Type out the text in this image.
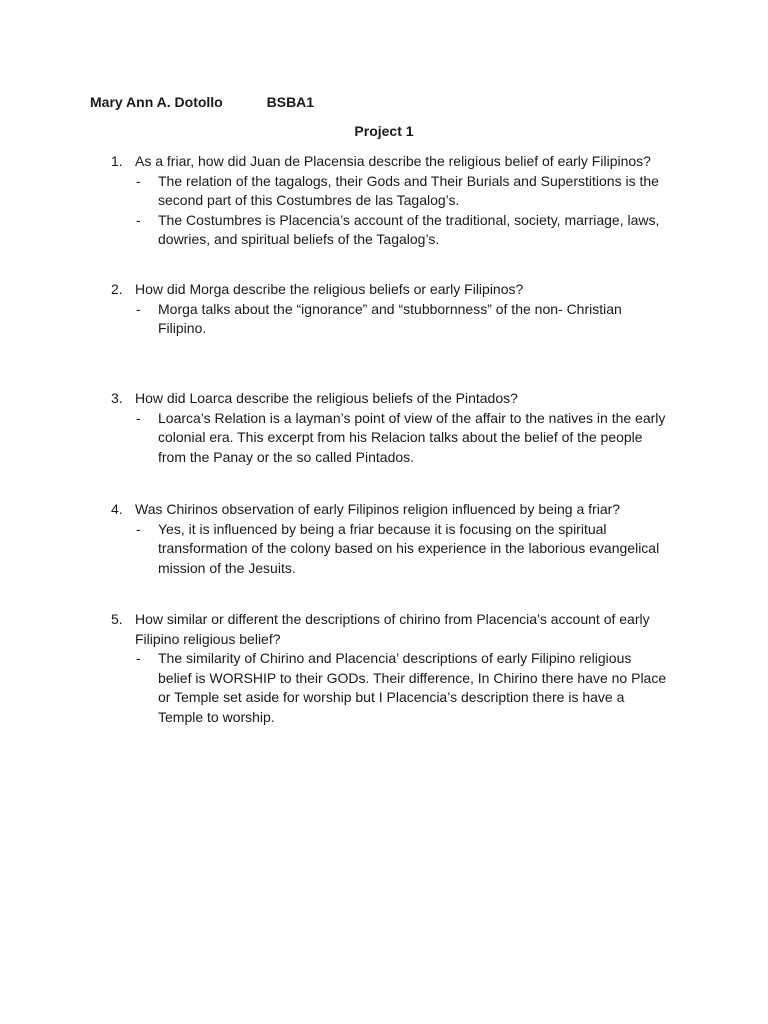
Mary Ann A. Dotollo	BSBA1
Project 1
1. As a friar, how did Juan de Placensia describe the religious belief of early Filipinos?
- The relation of the tagalogs, their Gods and Their Burials and Superstitions is the second part of this Costumbres de las Tagalog’s.
- The Costumbres is Placencia’s account of the traditional, society, marriage, laws, dowries, and spiritual beliefs of the Tagalog’s.
2. How did Morga describe the religious beliefs or early Filipinos?
- Morga talks about the “ignorance” and “stubbornness” of the non- Christian Filipino.
3. How did Loarca describe the religious beliefs of the Pintados?
- Loarca’s Relation is a layman’s point of view of the affair to the natives in the early colonial era. This excerpt from his Relacion talks about the belief of the people from the Panay or the so called Pintados.
4. Was Chirinos observation of early Filipinos religion influenced by being a friar?
- Yes, it is influenced by being a friar because it is focusing on the spiritual transformation of the colony based on his experience in the laborious evangelical mission of the Jesuits.
5. How similar or different the descriptions of chirino from Placencia’s account of early Filipino religious belief?
- The similarity of Chirino and Placencia’ descriptions of early Filipino religious belief is WORSHIP to their GODs. Their difference, In Chirino there have no Place or Temple set aside for worship but I Placencia’s description there is have a Temple to worship.
